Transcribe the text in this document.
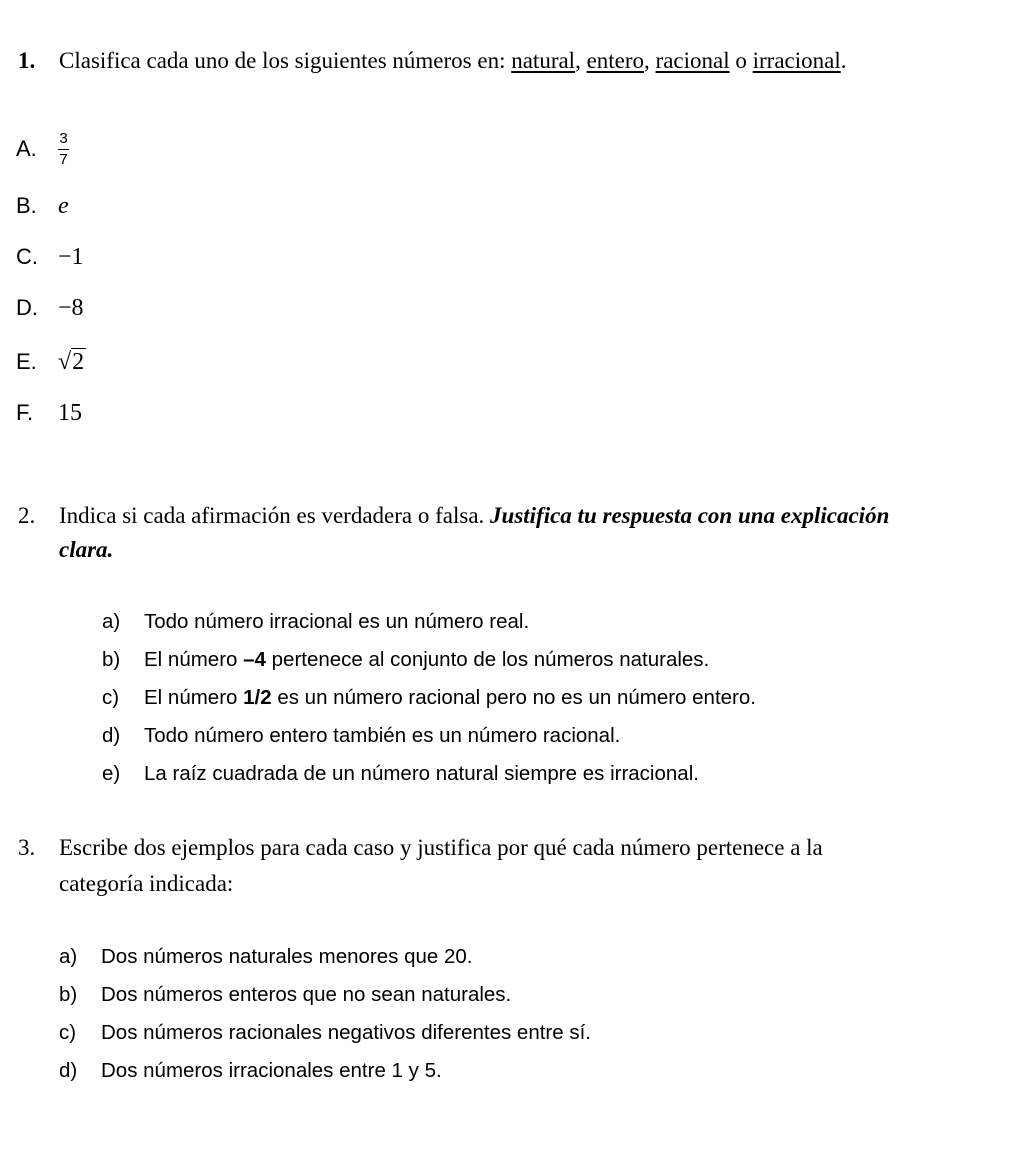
1. Clasifica cada uno de los siguientes números en: natural, entero, racional o irracional.
A.	$\frac{3}{7}$
B. e
C. −1
D. −8
E. √ 2
F.	15
2. Indica si cada afirmación es verdadera o falsa. Justifica tu respuesta con una explicación
clara.
a)	Todo número irracional es un número real.
b)	El número –4 pertenece al conjunto de los números naturales.
c)	El número 1/2 es un número racional pero no es un número entero.
d)	Todo número entero también es un número racional.
e)	La raíz cuadrada de un número natural siempre es irracional.
3. Escribe dos ejemplos para cada caso y justifica por qué cada número pertenece a la
categoría indicada:
a)	Dos números naturales menores que 20.
b)	Dos números enteros que no sean naturales.
c)	Dos números racionales negativos diferentes entre sí.
d)	Dos números irracionales entre 1 y 5.
